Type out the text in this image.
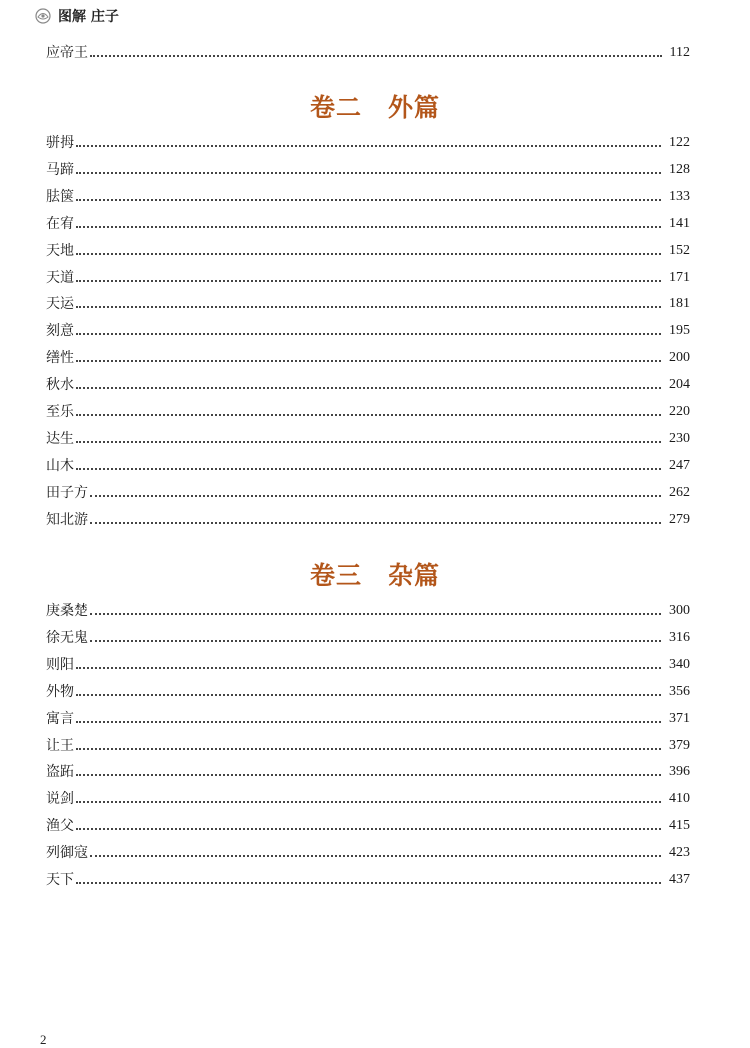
图解 庄子
应帝王	112
卷二 外篇
骈拇	122
马蹄	128
胠箧	133
在宥	141
天地	152
天道	171
天运	181
刻意	195
缮性	200
秋水	204
至乐	220
达生	230
山木	247
田子方	262
知北游	279
卷三 杂篇
庚桑楚	300
徐无鬼	316
则阳	340
外物	356
寓言	371
让王	379
盗跖	396
说剑	410
渔父	415
列御寇	423
天下	437
2
